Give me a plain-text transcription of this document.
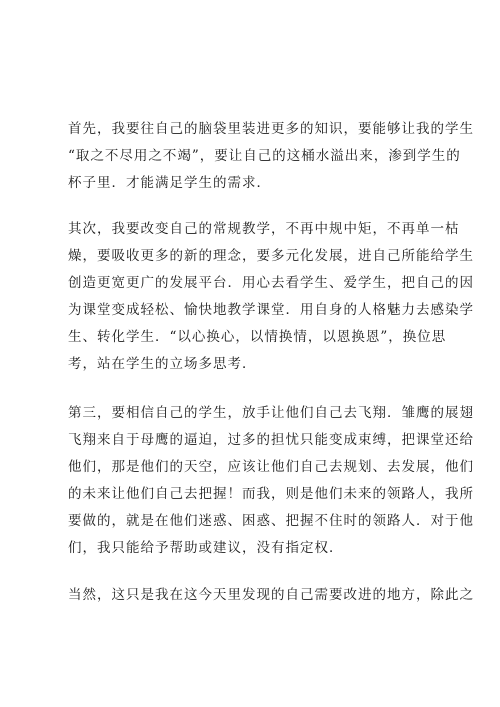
首先，我要往自己的脑袋里装进更多的知识，要能够让我的学生
“取之不尽用之不竭”，要让自己的这桶水溢出来，渗到学生的
杯子里．才能满足学生的需求．

其次，我要改变自己的常规教学，不再中规中矩，不再单一枯
燥，要吸收更多的新的理念，要多元化发展，进自己所能给学生
创造更宽更广的发展平台．用心去看学生、爱学生，把自己的因
为课堂变成轻松、愉快地教学课堂．用自身的人格魅力去感染学
生、转化学生．“以心换心，以情换情，以恩换恩”，换位思
考，站在学生的立场多思考．

第三，要相信自己的学生，放手让他们自己去飞翔．雏鹰的展翅
飞翔来自于母鹰的逼迫，过多的担忧只能变成束缚，把课堂还给
他们，那是他们的天空，应该让他们自己去规划、去发展，他们
的未来让他们自己去把握！而我，则是他们未来的领路人，我所
要做的，就是在他们迷惑、困惑、把握不住时的领路人．对于他
们，我只能给予帮助或建议，没有指定权．

当然，这只是我在这今天里发现的自己需要改进的地方，除此之
